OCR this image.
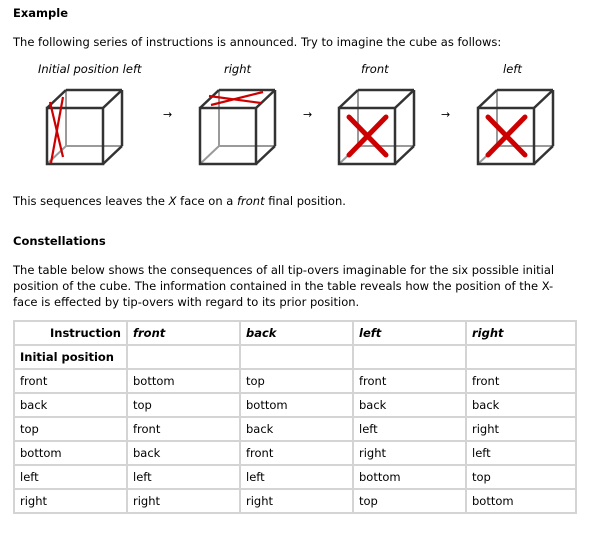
Example
The following series of instructions is announced. Try to imagine the cube as follows:
Initial position left	right	front	left
→	→	→
This sequences leaves the X face on a front final position.
Constellations
The table below shows the consequences of all tip-overs imaginable for the six possible initial position of the cube. The information contained in the table reveals how the position of the X-face is effected by tip-overs with regard to its prior position.
Instruction	front	back	left	right
Initial position				
front	bottom	top	front	front
back	top	bottom	back	back
top	front	back	left	right
bottom	back	front	right	left
left	left	left	bottom	top
right	right	right	top	bottom
